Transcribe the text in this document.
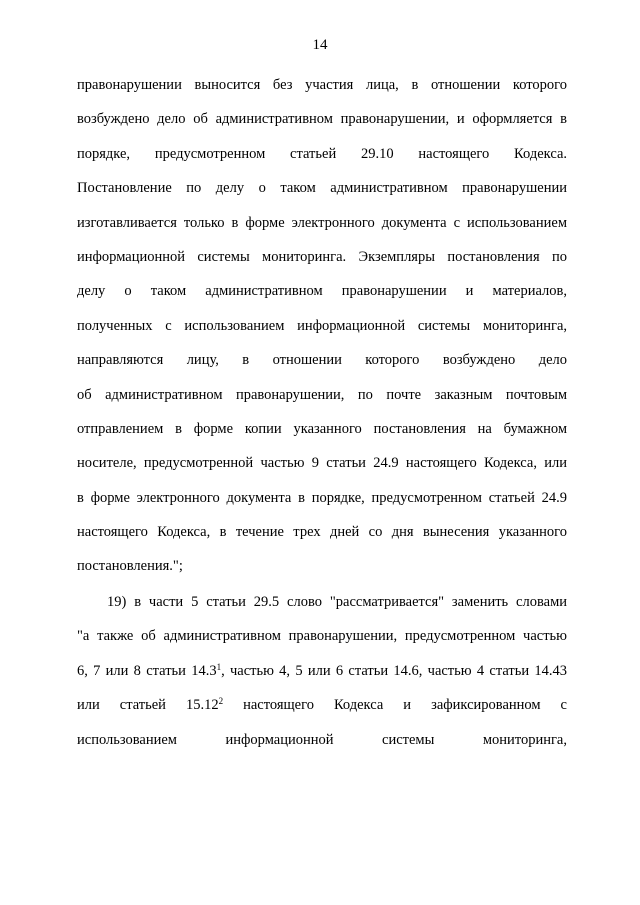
14
правонарушении выносится без участия лица, в отношении которого
возбуждено дело об административном правонарушении, и оформляется в
порядке, предусмотренном статьей 29.10 настоящего Кодекса.
Постановление по делу о таком административном правонарушении
изготавливается только в форме электронного документа с использованием
информационной системы мониторинга. Экземпляры постановления по
делу о таком административном правонарушении и материалов,
полученных с использованием информационной системы мониторинга,
направляются лицу, в отношении которого возбуждено дело
об административном правонарушении, по почте заказным почтовым
отправлением в форме копии указанного постановления на бумажном
носителе, предусмотренной частью 9 статьи 24.9 настоящего Кодекса, или
в форме электронного документа в порядке, предусмотренном статьей 24.9
настоящего Кодекса, в течение трех дней со дня вынесения указанного
постановления.";
19) в части 5 статьи 29.5 слово "рассматривается" заменить словами
"а также об административном правонарушении, предусмотренном частью
6, 7 или 8 статьи 14.3$^1$, частью 4, 5 или 6 статьи 14.6, частью 4 статьи 14.43
или статьей 15.12$^2$ настоящего Кодекса и зафиксированном с
использованием информационной системы мониторинга,
